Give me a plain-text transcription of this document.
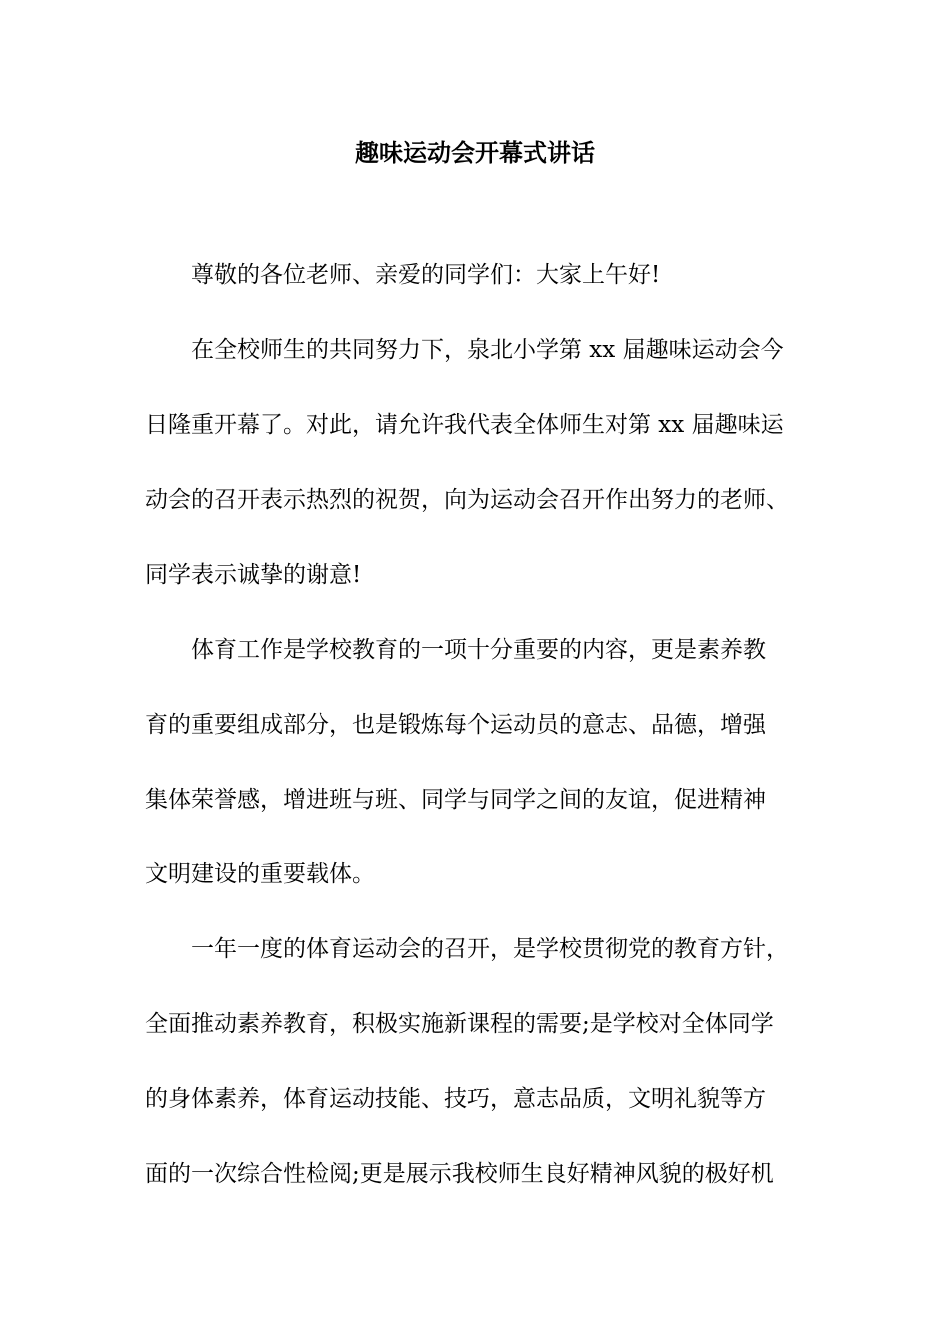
趣味运动会开幕式讲话
尊敬的各位老师、亲爱的同学们：大家上午好!
在全校师生的共同努力下，泉北小学第 xx 届趣味运动会今
日隆重开幕了。对此，请允许我代表全体师生对第 xx 届趣味运
动会的召开表示热烈的祝贺，向为运动会召开作出努力的老师、
同学表示诚挚的谢意!
体育工作是学校教育的一项十分重要的内容，更是素养教
育的重要组成部分，也是锻炼每个运动员的意志、品德，增强
集体荣誉感，增进班与班、同学与同学之间的友谊，促进精神
文明建设的重要载体。
一年一度的体育运动会的召开，是学校贯彻党的教育方针，
全面推动素养教育，积极实施新课程的需要;是学校对全体同学
的身体素养，体育运动技能、技巧，意志品质，文明礼貌等方
面的一次综合性检阅;更是展示我校师生良好精神风貌的极好机
